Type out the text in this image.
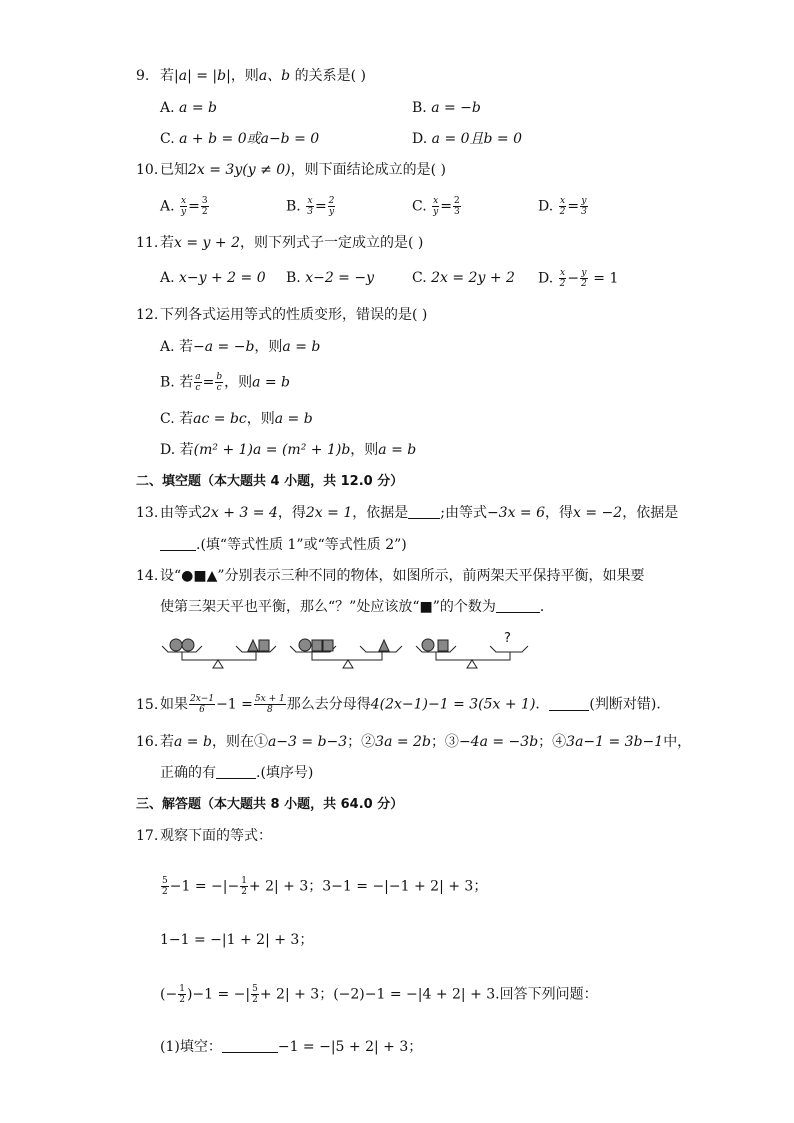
9. 若|a| = |b|，则a、b 的关系是( )
A. a = b	B. a = −b
C. a + b = 0或a−b = 0	D. a = 0且b = 0
10. 已知2x = 3y(y ≠ 0)，则下面结论成立的是( )
A. $\frac{x}{y} = \frac{3}{2}$	B. $\frac{x}{3} = \frac{2}{y}$	C. $\frac{x}{y} = \frac{2}{3}$	D. $\frac{x}{2} = \frac{y}{3}$
11. 若x = y + 2，则下列式子一定成立的是( )
A. x−y + 2 = 0 B. x−2 = −y	C. 2x = 2y + 2 D. $\frac{x}{2} - \frac{y}{2} = 1$
12. 下列各式运用等式的性质变形，错误的是( )
A. 若−a = −b，则a = b
B. 若 $\frac{a}{c} = \frac{b}{c}$ ，则a = b
C. 若ac = bc，则a = b
D. 若(m² + 1)a = (m² + 1)b，则a = b
二、填空题（本大题共 4 小题，共 12.0 分）
13. 由等式2x + 3 = 4，得2x = 1，依据是 ;由等式−3x = 6，得x = −2，依据是
.(填“等式性质 1”或“等式性质 2”)
14. 设“●■▲”分别表示三种不同的物体，如图所示，前两架天平保持平衡，如果要
使第三架天平也平衡，那么“？”处应该放“■”的个数为	．
?
15. 如果 $\frac{2x-1}{6} -1 = \frac{5x + 1}{8}$ 那么去分母得4(2x−1)−1 = 3(5x + 1)．	(判断对错)．
16. 若a = b，则在①a−3 = b−3；②3a = 2b；③−4a = −3b；④3a−1 = 3b−1中，
正确的有	.(填序号)
三、解答题（本大题共 8 小题，共 64.0 分）
17. 观察下面的等式：
$\frac{5}{2} -1$ = −|− $\frac{1}{2} + 2| + 3$；3−1 = −|−1 + 2| + 3；
1−1 = −|1 + 2| + 3；
(− $\frac{1}{2} )-1$ = −| $\frac{5}{2} + 2| + 3$；(−2)−1 = −|4 + 2| + 3.回答下列问题：
(1)填空：	−1 = −|5 + 2| + 3；
